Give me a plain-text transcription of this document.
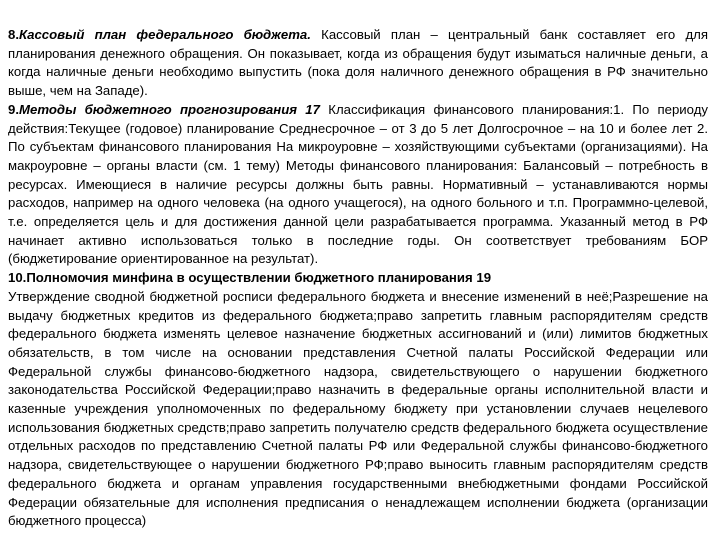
8.Кассовый план федерального бюджета. Кассовый план – центральный банк составляет его для планирования денежного обращения. Он показывает, когда из обращения будут изыматься наличные деньги, а когда наличные деньги необходимо выпустить (пока доля наличного денежного обращения в РФ значительно выше, чем на Западе).

9.Методы бюджетного прогнозирования 17 Классификация финансового планирования:1. По периоду действия:Текущее (годовое) планирование Среднесрочное – от 3 до 5 лет Долгосрочное – на 10 и более лет 2. По субъектам финансового планирования На микроуровне – хозяйствующими субъектами (организациями). На макроуровне – органы власти (см. 1 тему) Методы финансового планирования: Балансовый – потребность в ресурсах. Имеющиеся в наличие ресурсы должны быть равны. Нормативный – устанавливаются нормы расходов, например на одного человека (на одного учащегося), на одного больного и т.п. Программно-целевой, т.е. определяется цель и для достижения данной цели разрабатывается программа. Указанный метод в РФ начинает активно использоваться только в последние годы. Он соответствует требованиям БОР (бюджетирование ориентированное на результат).

10.Полномочия минфина в осуществлении бюджетного планирования 19

Утверждение сводной бюджетной росписи федерального бюджета и внесение изменений в неё;Разрешение на выдачу бюджетных кредитов из федерального бюджета;право запретить главным распорядителям средств федерального бюджета изменять целевое назначение бюджетных ассигнований и (или) лимитов бюджетных обязательств, в том числе на основании представления Счетной палаты Российской Федерации или Федеральной службы финансово-бюджетного надзора, свидетельствующего о нарушении бюджетного законодательства Российской Федерации;право назначить в федеральные органы исполнительной власти и казенные учреждения уполномоченных по федеральному бюджету при установлении случаев нецелевого использования бюджетных средств;право запретить получателю средств федерального бюджета осуществление отдельных расходов по представлению Счетной палаты РФ или Федеральной службы финансово-бюджетного надзора, свидетельствующее о нарушении бюджетного РФ;право выносить главным распорядителям средств федерального бюджета и органам управления государственными внебюджетными фондами Российской Федерации обязательные для исполнения предписания о ненадлежащем исполнении бюджета (организации бюджетного процесса)
